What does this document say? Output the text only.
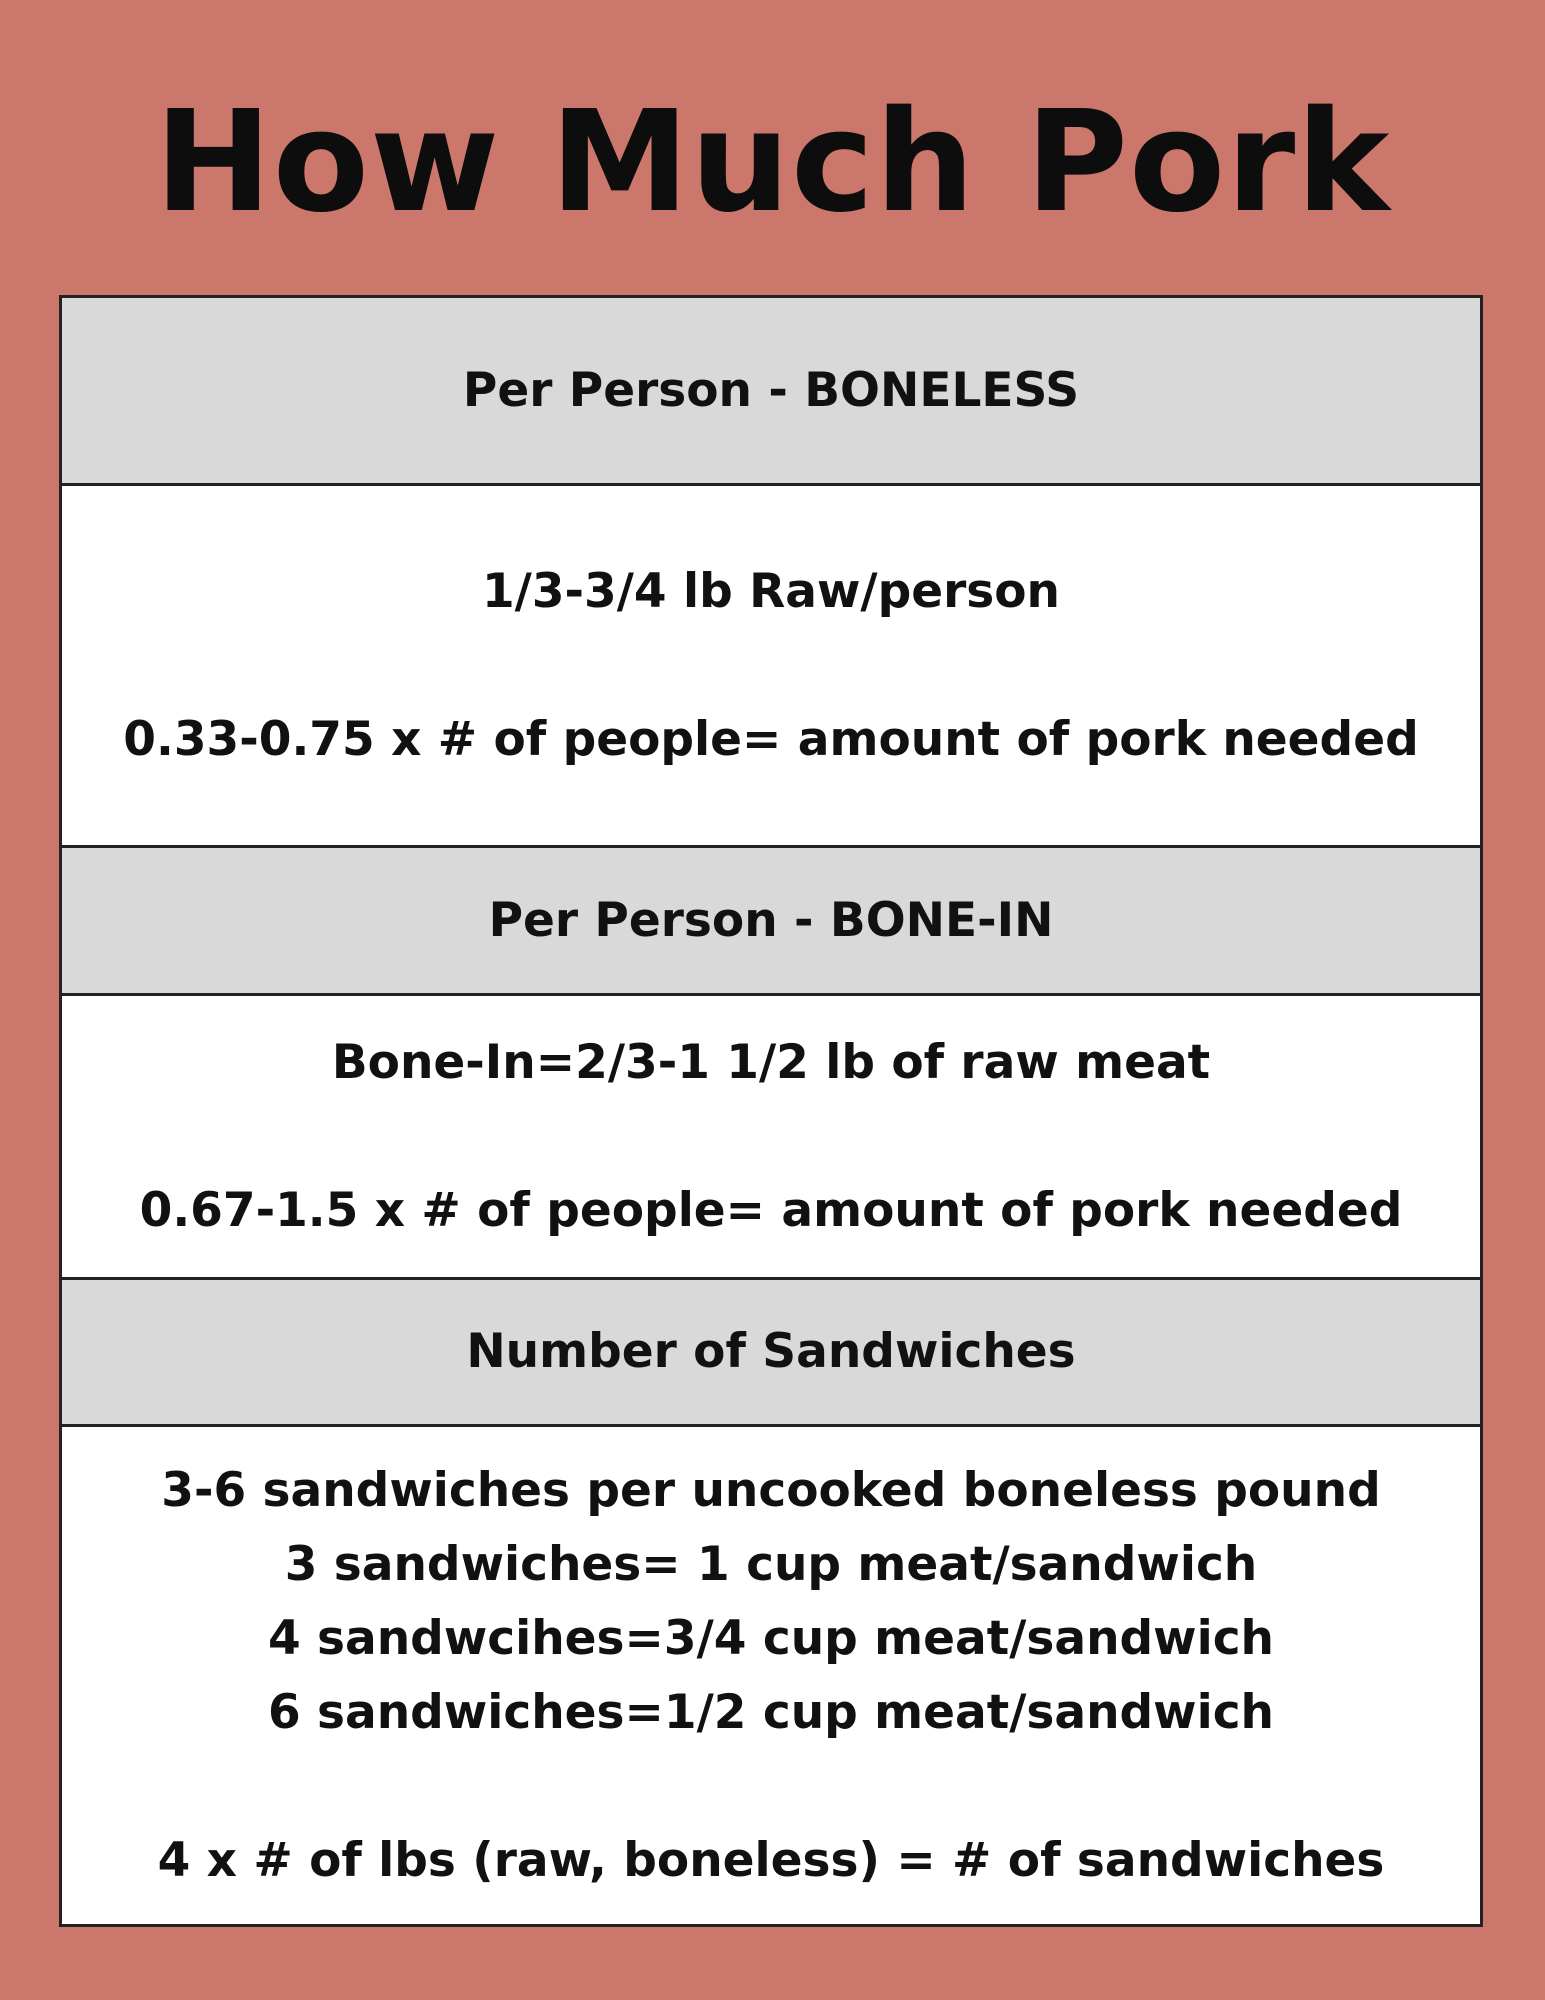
How Much Pork
Per Person - BONELESS
1/3-3/4 lb Raw/person
0.33-0.75 x # of people= amount of pork needed
Per Person - BONE-IN
Bone-In=2/3-1 1/2 lb of raw meat
0.67-1.5 x # of people= amount of pork needed
Number of Sandwiches
3-6 sandwiches per uncooked boneless pound
3 sandwiches= 1 cup meat/sandwich
4 sandwcihes=3/4 cup meat/sandwich
6 sandwiches=1/2 cup meat/sandwich
4 x # of lbs (raw, boneless) = # of sandwiches
